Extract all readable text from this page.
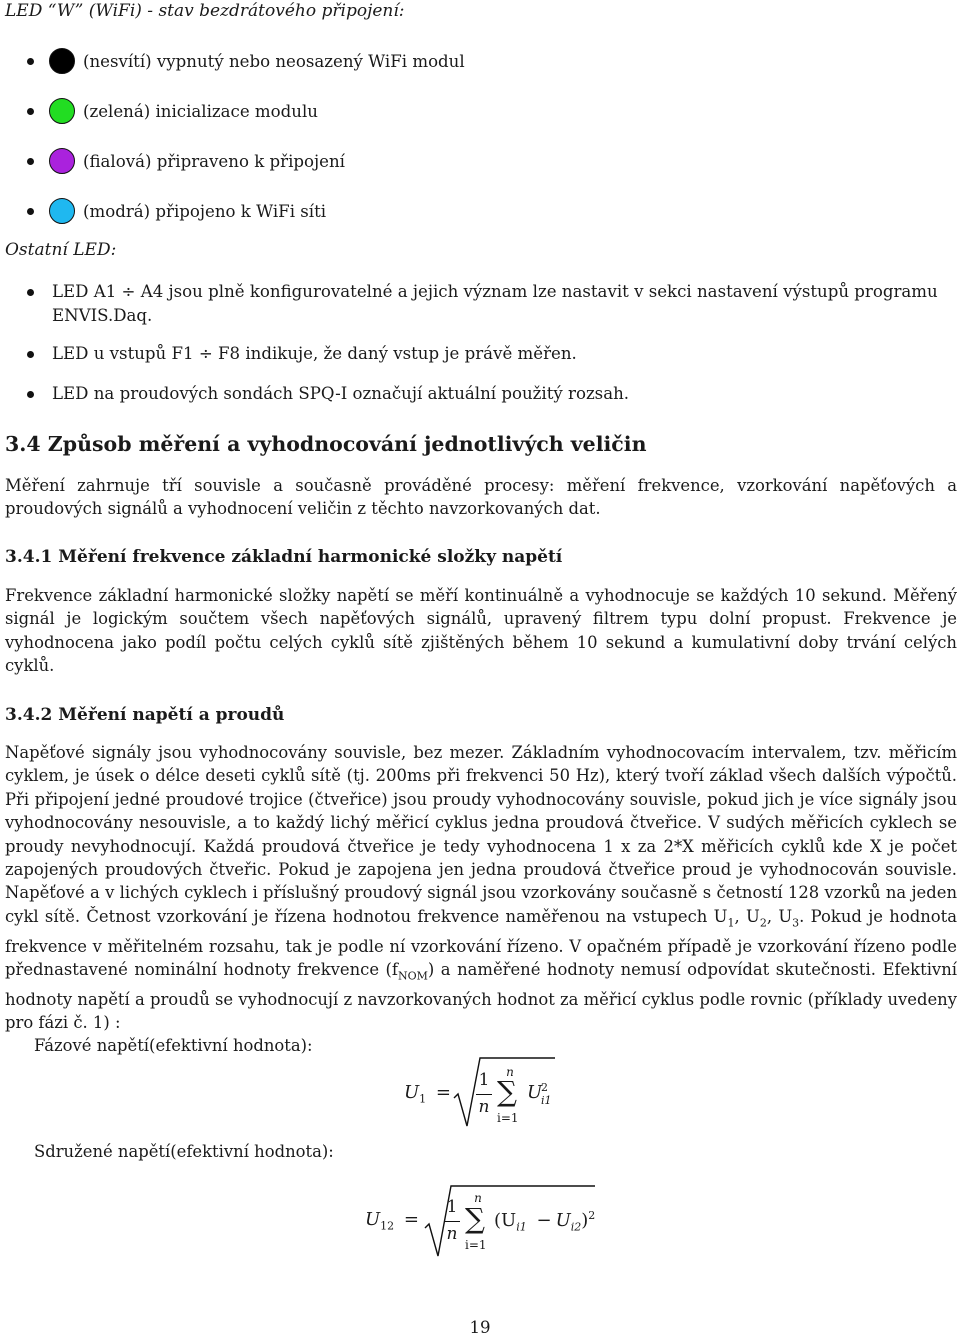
LED “W” (WiFi) - stav bezdrátového připojení:
(nesvítí) vypnutý nebo neosazený WiFi modul
(zelená) inicializace modulu
(fialová) připraveno k připojení
(modrá) připojeno k WiFi síti
Ostatní LED:
LED A1 ÷ A4 jsou plně konfigurovatelné a jejich význam lze nastavit v sekci nastavení výstupů programu ENVIS.Daq.
LED u vstupů F1 ÷ F8 indikuje, že daný vstup je právě měřen.
LED na proudových sondách SPQ-I označují aktuální použitý rozsah.
3.4 Způsob měření a vyhodnocování jednotlivých veličin
Měření zahrnuje tří souvisle a současně prováděné procesy: měření frekvence, vzorkování napěťových a proudových signálů a vyhodnocení veličin z těchto navzorkovaných dat.
3.4.1 Měření frekvence základní harmonické složky napětí
Frekvence základní harmonické složky napětí se měří kontinuálně a vyhodnocuje se každých 10 sekund. Měřený signál je logickým součtem všech napěťových signálů, upravený filtrem typu dolní propust. Frekvence je vyhodnocena jako podíl počtu celých cyklů sítě zjištěných během 10 sekund a kumulativní doby trvání celých cyklů.
3.4.2 Měření napětí a proudů
Napěťové signály jsou vyhodnocovány souvisle, bez mezer. Základním vyhodnocovacím intervalem, tzv. měřicím cyklem, je úsek o délce deseti cyklů sítě (tj. 200ms při frekvenci 50 Hz), který tvoří základ všech dalších výpočtů. Při připojení jedné proudové trojice (čtveřice) jsou proudy vyhodnocovány souvisle, pokud jich je více signály jsou vyhodnocovány nesouvisle, a to každý lichý měřicí cyklus jedna proudová čtveřice. V sudých měřicích cyklech se proudy nevyhodnocují. Každá proudová čtveřice je tedy vyhodnocena 1 x za 2*X měřicích cyklů kde X je počet zapojených proudových čtveřic. Pokud je zapojena jen jedna proudová čtveřice proud je vyhodnocován souvisle. Napěťové a v lichých cyklech i příslušný proudový signál jsou vzorkovány současně s četností 128 vzorků na jeden cykl sítě. Četnost vzorkování je řízena hodnotou frekvence naměřenou na vstupech $U_1$, $U_2$, $U_3$. Pokud je hodnota frekvence v měřitelném rozsahu, tak je podle ní vzorkování řízeno. V opačném případě je vzorkování řízeno podle přednastavené nominální hodnoty frekvence $(f_{NOM})$ a naměřené hodnoty nemusí odpovídat skutečnosti. Efektivní hodnoty napětí a proudů se vyhodnocují z navzorkovaných hodnot za měřicí cyklus podle rovnic (příklady uvedeny pro fázi č. 1) :
Fázové napětí(efektivní hodnota):
$U_1$ =
1
n
n
∑
i=1
U
2
i1
Sdružené napětí(efektivní hodnota):
$U_{12}$ =
1
n
n
∑
i=1
$(U_{i1} - U_{i2})^2$
19
